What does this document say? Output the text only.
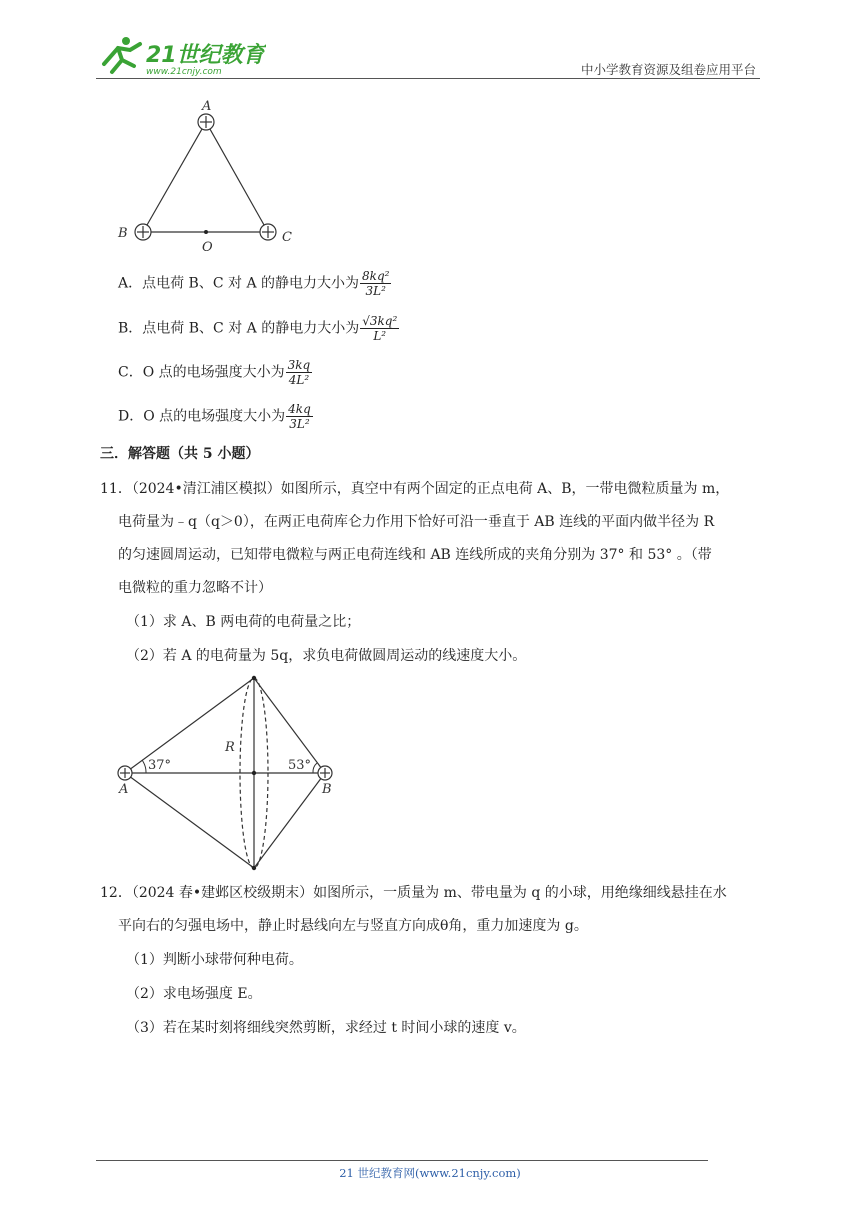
21世纪教育
www.21cnjy.com	中小学教育资源及组卷应用平台
A
B	C
O
A．点电荷 B、C 对 A 的静电力大小为 $\frac{\text{8kq²}}{\text{3L²}}$
B．点电荷 B、C 对 A 的静电力大小为 $\frac{\text{√3kq²}}{\text{L²}}$
C．O 点的电场强度大小为 $\frac{3kq}{\text{4L²}}$
D．O 点的电场强度大小为 $\frac{4kq}{\text{3L²}}$
三．解答题（共 5 小题）
11．（2024•清江浦区模拟）如图所示，真空中有两个固定的正点电荷 A、B，一带电微粒质量为 m，
电荷量为﹣q（q＞0），在两正电荷库仑力作用下恰好可沿一垂直于 AB 连线的平面内做半径为 R
的匀速圆周运动，已知带电微粒与两正电荷连线和 AB 连线所成的夹角分别为 37° 和 53° 。（带
电微粒的重力忽略不计）
（1）求 A、B 两电荷的电荷量之比；
（2）若 A 的电荷量为 5q，求负电荷做圆周运动的线速度大小。
37°	53°
R
A	B
12．（2024 春•建邺区校级期末）如图所示，一质量为 m、带电量为 q 的小球，用绝缘细线悬挂在水
平向右的匀强电场中，静止时悬线向左与竖直方向成θ角，重力加速度为 g。
（1）判断小球带何种电荷。
（2）求电场强度 E。
（3）若在某时刻将细线突然剪断，求经过 t 时间小球的速度 v。
21 世纪教育网(www.21cnjy.com)
